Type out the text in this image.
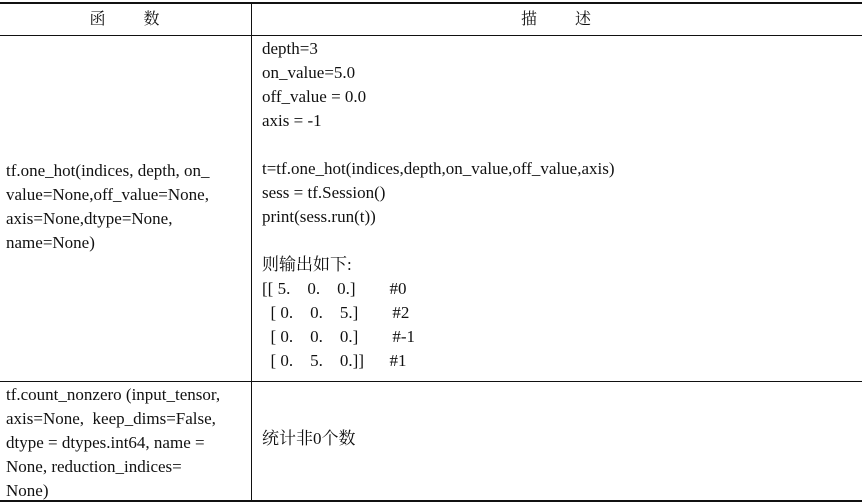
函　　数	描　　述
tf.one_hot(indices, depth, on_
value=None,off_value=None,
axis=None,dtype=None,
name=None)
depth=3
on_value=5.0
off_value = 0.0
axis = -1
t=tf.one_hot(indices,depth,on_value,off_value,axis)
sess = tf.Session()
print(sess.run(t))
则输出如下:
[[ 5.    0.    0.]        #0
[ 0.    0.    5.]        #2
[ 0.    0.    0.]        #-1
[ 0.    5.    0.]]      #1
tf.count_nonzero (input_tensor,
axis=None,  keep_dims=False,
dtype = dtypes.int64, name =
None, reduction_indices=
None)
统计非0个数
